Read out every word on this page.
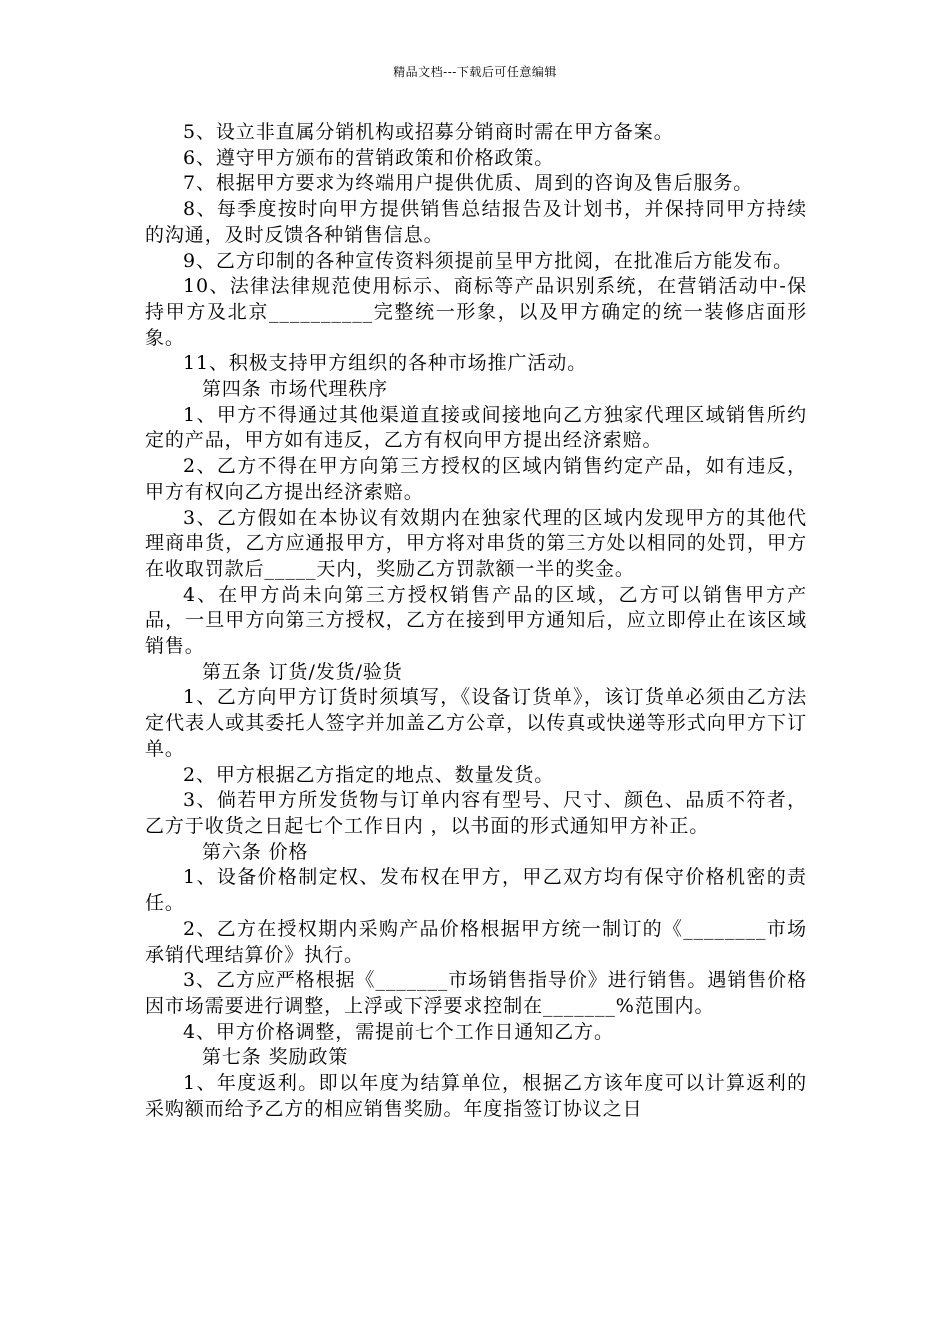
精品文档---下载后可任意编辑

5、设立非直属分销机构或招募分销商时需在甲方备案。

6、遵守甲方颁布的营销政策和价格政策。

7、根据甲方要求为终端用户提供优质、周到的咨询及售后服务。

8、每季度按时向甲方提供销售总结报告及计划书，并保持同甲方持续的沟通，及时反馈各种销售信息。

9、乙方印制的各种宣传资料须提前呈甲方批阅，在批准后方能发布。

10、法律法律规范使用标示、商标等产品识别系统，在营销活动中-保持甲方及北京__________完整统一形象，以及甲方确定的统一装修店面形象。

11、积极支持甲方组织的各种市场推广活动。

第四条 市场代理秩序

1、甲方不得通过其他渠道直接或间接地向乙方独家代理区域销售所约定的产品，甲方如有违反，乙方有权向甲方提出经济索赔。

2、乙方不得在甲方向第三方授权的区域内销售约定产品，如有违反，甲方有权向乙方提出经济索赔。

3、乙方假如在本协议有效期内在独家代理的区域内发现甲方的其他代理商串货，乙方应通报甲方，甲方将对串货的第三方处以相同的处罚，甲方在收取罚款后_____天内，奖励乙方罚款额一半的奖金。

4、在甲方尚未向第三方授权销售产品的区域，乙方可以销售甲方产品，一旦甲方向第三方授权，乙方在接到甲方通知后，应立即停止在该区域销售。

第五条 订货/发货/验货

1、乙方向甲方订货时须填写，《设备订货单》，该订货单必须由乙方法定代表人或其委托人签字并加盖乙方公章，以传真或快递等形式向甲方下订单。

2、甲方根据乙方指定的地点、数量发货。

3、倘若甲方所发货物与订单内容有型号、尺寸、颜色、品质不符者，乙方于收货之日起七个工作日内 ，以书面的形式通知甲方补正。

第六条 价格

1、设备价格制定权、发布权在甲方，甲乙双方均有保守价格机密的责任。

2、乙方在授权期内采购产品价格根据甲方统一制订的《________市场承销代理结算价》执行。

3、乙方应严格根据《_______市场销售指导价》进行销售。遇销售价格因市场需要进行调整，上浮或下浮要求控制在_______%范围内。

4、甲方价格调整，需提前七个工作日通知乙方。

第七条 奖励政策

1、年度返利。即以年度为结算单位，根据乙方该年度可以计算返利的采购额而给予乙方的相应销售奖励。年度指签订协议之日
